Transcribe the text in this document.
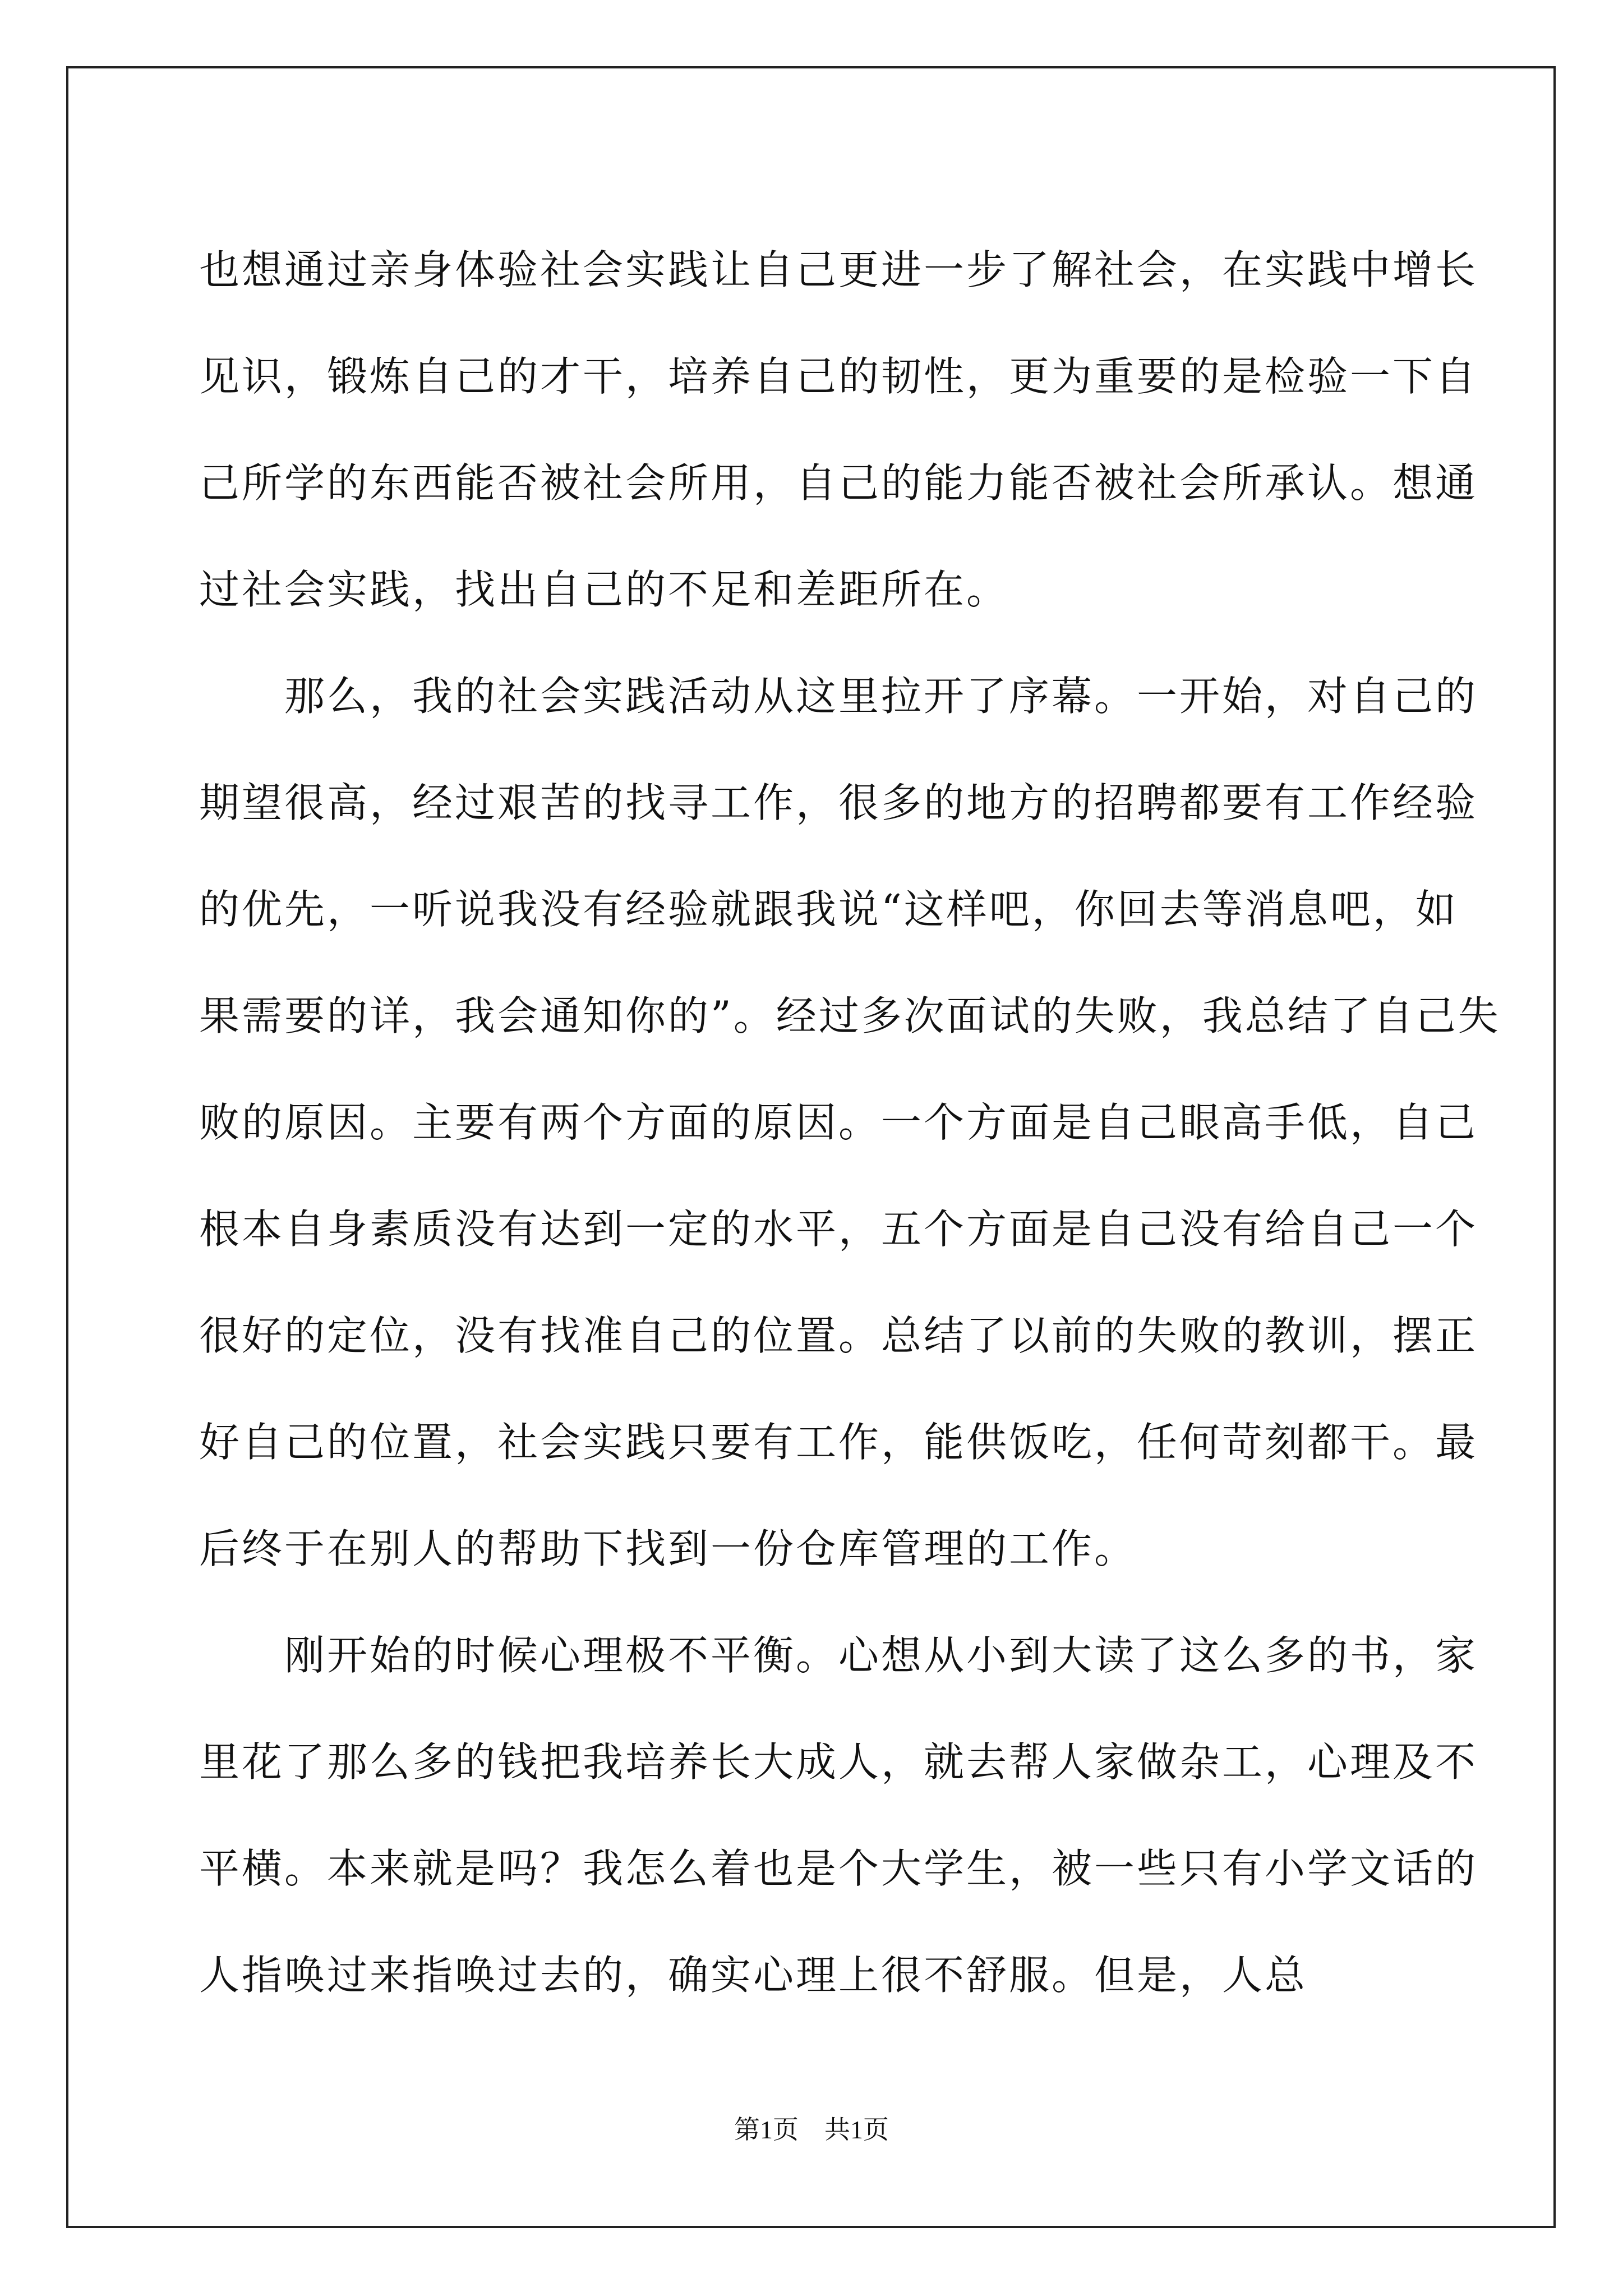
也想通过亲身体验社会实践让自己更进一步了解社会，在实践中增长
见识，锻炼自己的才干，培养自己的韧性，更为重要的是检验一下自
己所学的东西能否被社会所用，自己的能力能否被社会所承认。想通
过社会实践，找出自己的不足和差距所在。

　　那么，我的社会实践活动从这里拉开了序幕。一开始，对自己的
期望很高，经过艰苦的找寻工作，很多的地方的招聘都要有工作经验
的优先，一听说我没有经验就跟我说“这样吧，你回去等消息吧，如
果需要的详，我会通知你的”。经过多次面试的失败，我总结了自己失
败的原因。主要有两个方面的原因。一个方面是自己眼高手低，自己
根本自身素质没有达到一定的水平，五个方面是自己没有给自己一个
很好的定位，没有找准自己的位置。总结了以前的失败的教训，摆正
好自己的位置，社会实践只要有工作，能供饭吃，任何苛刻都干。最
后终于在别人的帮助下找到一份仓库管理的工作。

　　刚开始的时候心理极不平衡。心想从小到大读了这么多的书，家
里花了那么多的钱把我培养长大成人，就去帮人家做杂工，心理及不
平横。本来就是吗？我怎么着也是个大学生，被一些只有小学文话的
人指唤过来指唤过去的，确实心理上很不舒服。但是，人总

第1页　共1页
